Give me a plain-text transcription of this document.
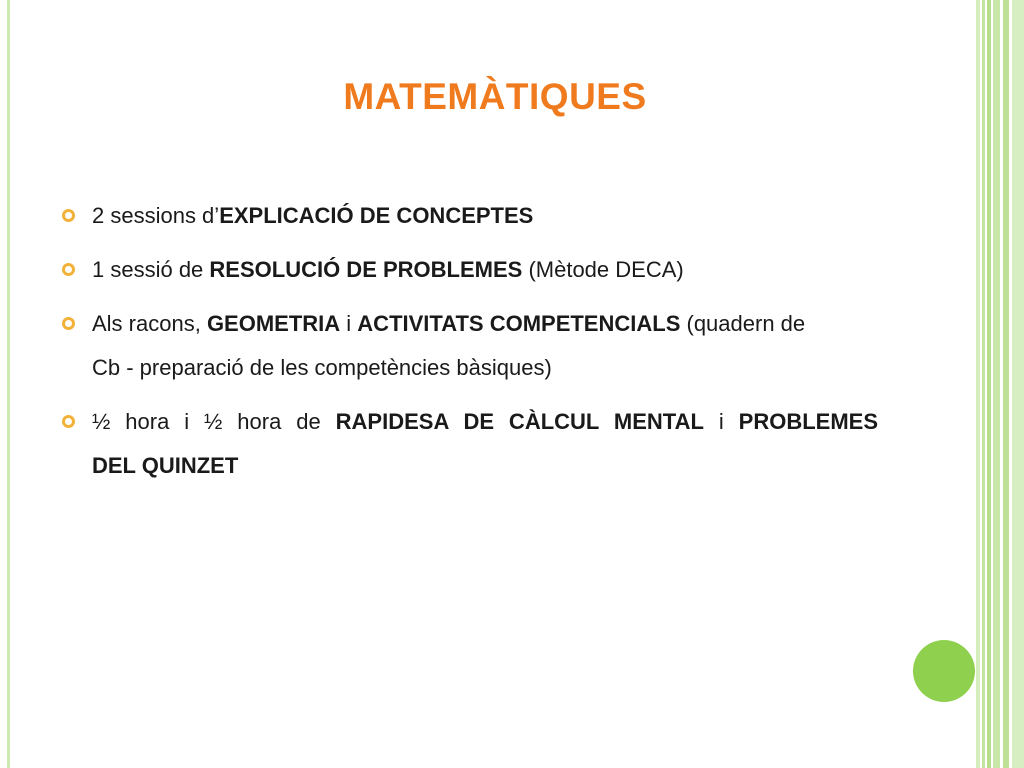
MATEMÀTIQUES
2 sessions d’EXPLICACIÓ DE CONCEPTES
1 sessió de RESOLUCIÓ DE PROBLEMES (Mètode DECA)
Als racons, GEOMETRIA i ACTIVITATS COMPETENCIALS (quadern de
Cb - preparació de les competències bàsiques)
½ hora i ½ hora de RAPIDESA DE CÀLCUL MENTAL i PROBLEMES
DEL QUINZET
